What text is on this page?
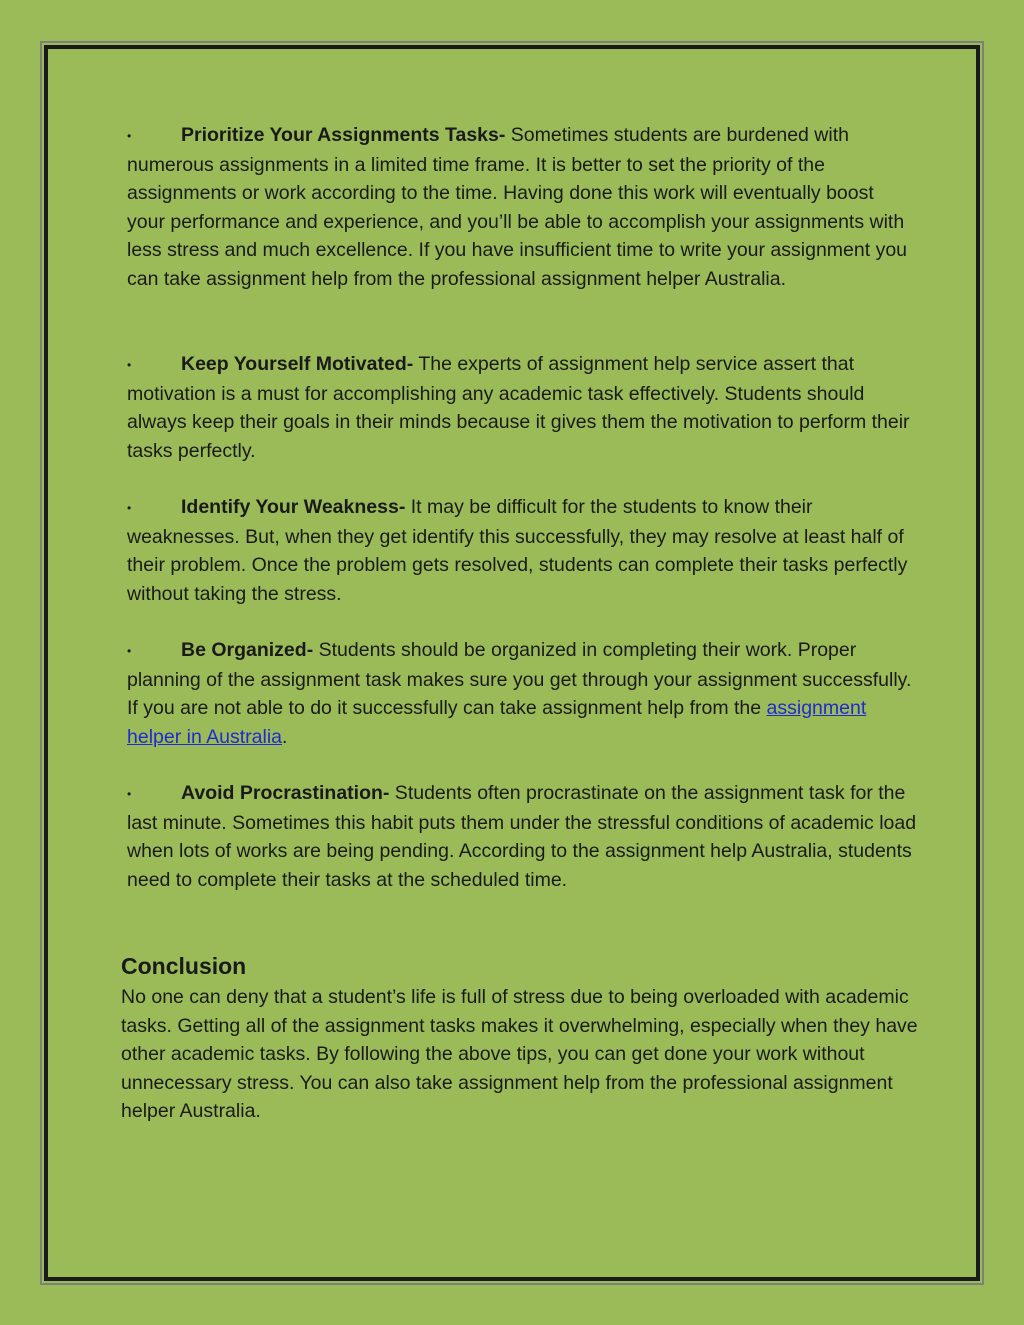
•	Prioritize Your Assignments Tasks- Sometimes students are burdened with numerous assignments in a limited time frame. It is better to set the priority of the assignments or work according to the time. Having done this work will eventually boost your performance and experience, and you’ll be able to accomplish your assignments with less stress and much excellence. If you have insufficient time to write your assignment you can take assignment help from the professional assignment helper Australia.
•	Keep Yourself Motivated- The experts of assignment help service assert that motivation is a must for accomplishing any academic task effectively. Students should always keep their goals in their minds because it gives them the motivation to perform their tasks perfectly.
•	Identify Your Weakness- It may be difficult for the students to know their weaknesses. But, when they get identify this successfully, they may resolve at least half of their problem. Once the problem gets resolved, students can complete their tasks perfectly without taking the stress.
•	Be Organized- Students should be organized in completing their work. Proper planning of the assignment task makes sure you get through your assignment successfully. If you are not able to do it successfully can take assignment help from the assignment helper in Australia.
•	Avoid Procrastination- Students often procrastinate on the assignment task for the last minute. Sometimes this habit puts them under the stressful conditions of academic load when lots of works are being pending. According to the assignment help Australia, students need to complete their tasks at the scheduled time.
Conclusion
No one can deny that a student’s life is full of stress due to being overloaded with academic tasks. Getting all of the assignment tasks makes it overwhelming, especially when they have other academic tasks. By following the above tips, you can get done your work without unnecessary stress. You can also take assignment help from the professional assignment helper Australia.
